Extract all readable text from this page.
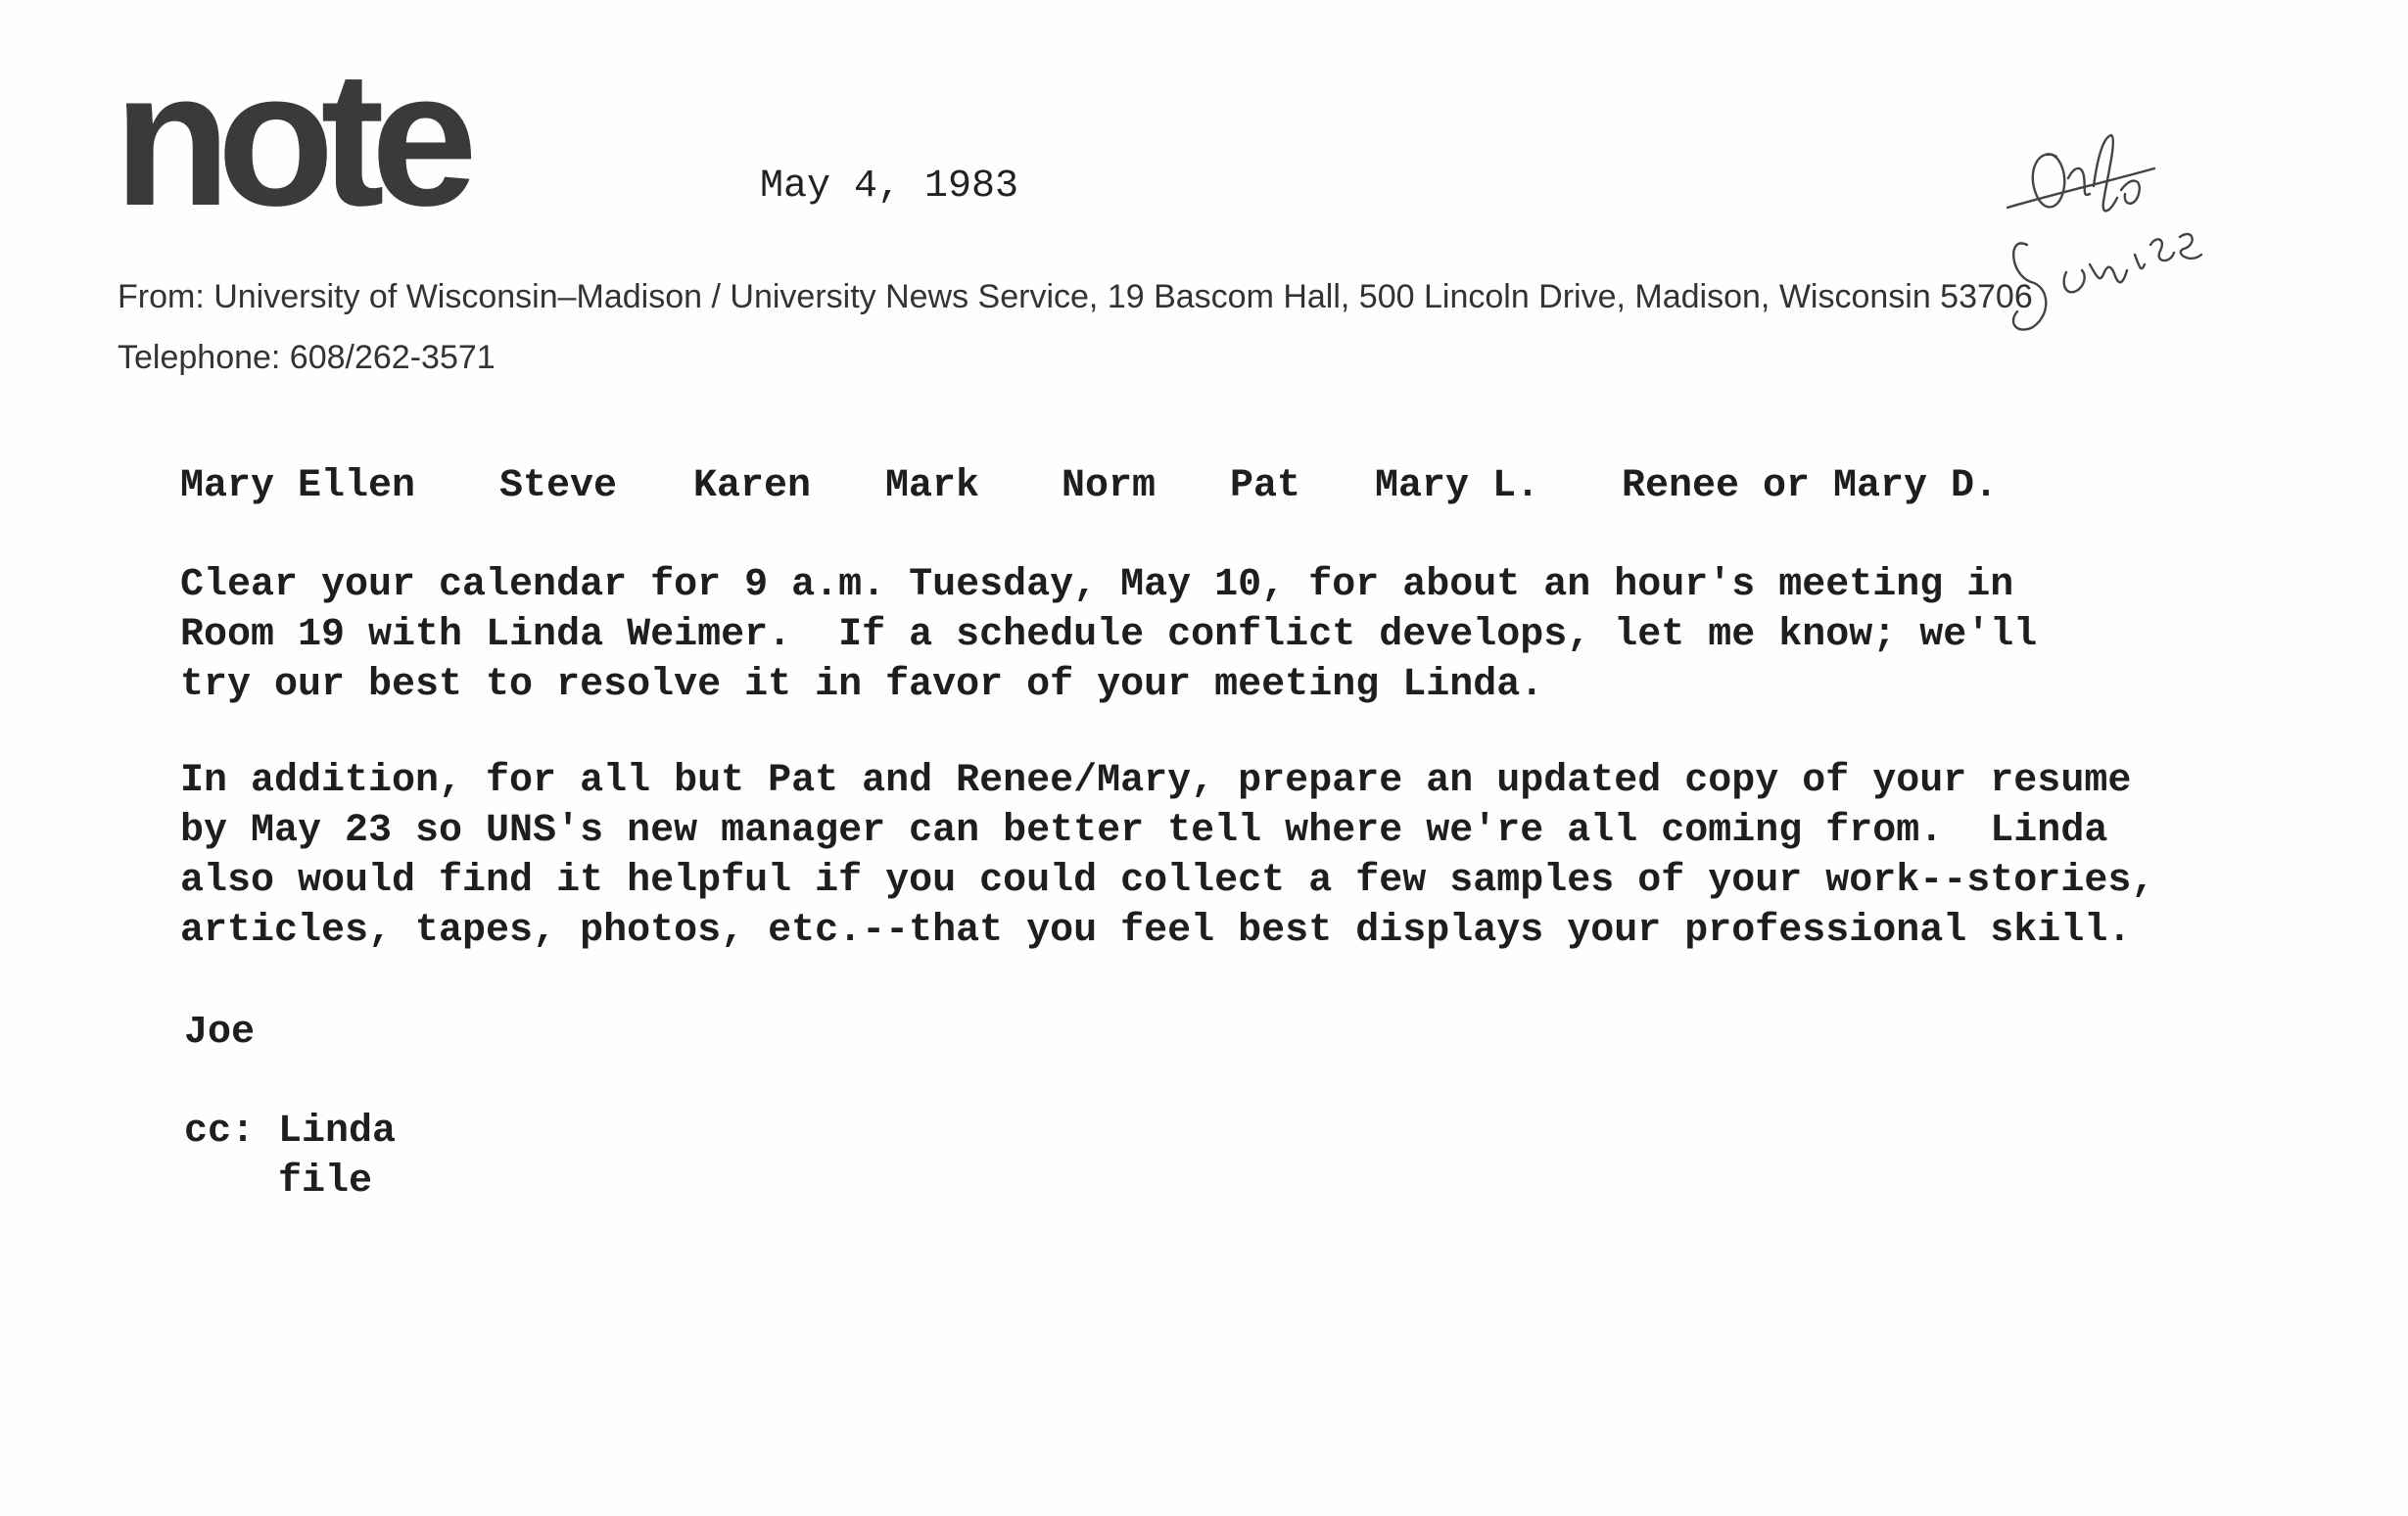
note	May 4, 1983
From: University of Wisconsin–Madison / University News Service, 19 Bascom Hall, 500 Lincoln Drive, Madison, Wisconsin 53706
Telephone: 608/262-3571

Mary Ellen

Steve

Karen

Mark

Norm

Pat

Mary L.

Renee or Mary D.

Clear your calendar for 9 a.m. Tuesday, May 10, for about an hour's meeting in
Room 19 with Linda Weimer.  If a schedule conflict develops, let me know; we'll
try our best to resolve it in favor of your meeting Linda.
In addition, for all but Pat and Renee/Mary, prepare an updated copy of your resume
by May 23 so UNS's new manager can better tell where we're all coming from.  Linda
also would find it helpful if you could collect a few samples of your work--stories,
articles, tapes, photos, etc.--that you feel best displays your professional skill.
Joe
cc: Linda
file
